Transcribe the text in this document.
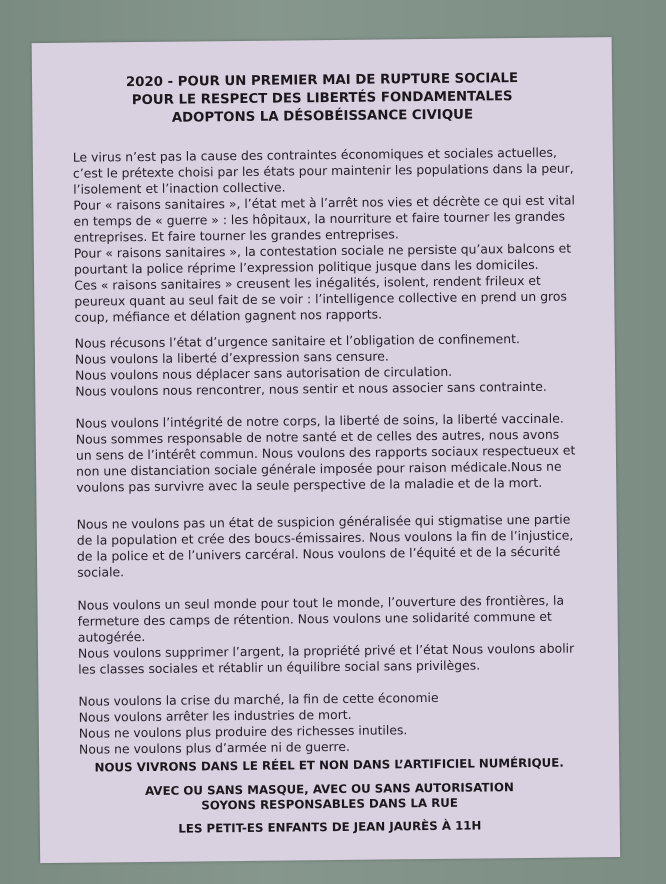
2020 - POUR UN PREMIER MAI DE RUPTURE SOCIALE
POUR LE RESPECT DES LIBERTÉS FONDAMENTALES
ADOPTONS LA DÉSOBÉISSANCE CIVIQUE
Le virus n’est pas la cause des contraintes économiques et sociales actuelles,
c’est le prétexte choisi par les états pour maintenir les populations dans la peur,
l’isolement et l’inaction collective.
Pour « raisons sanitaires », l’état met à l’arrêt nos vies et décrète ce qui est vital
en temps de « guerre » : les hôpitaux, la nourriture et faire tourner les grandes
entreprises. Et faire tourner les grandes entreprises.
Pour « raisons sanitaires », la contestation sociale ne persiste qu’aux balcons et
pourtant la police réprime l’expression politique jusque dans les domiciles.
Ces « raisons sanitaires » creusent les inégalités, isolent, rendent frileux et
peureux quant au seul fait de se voir : l’intelligence collective en prend un gros
coup, méfiance et délation gagnent nos rapports.
Nous récusons l’état d’urgence sanitaire et l’obligation de confinement.
Nous voulons la liberté d’expression sans censure.
Nous voulons nous déplacer sans autorisation de circulation.
Nous voulons nous rencontrer, nous sentir et nous associer sans contrainte.
Nous voulons l’intégrité de notre corps, la liberté de soins, la liberté vaccinale.
Nous sommes responsable de notre santé et de celles des autres, nous avons
un sens de l’intérêt commun. Nous voulons des rapports sociaux respectueux et
non une distanciation sociale générale imposée pour raison médicale.Nous ne
voulons pas survivre avec la seule perspective de la maladie et de la mort.
Nous ne voulons pas un état de suspicion généralisée qui stigmatise une partie
de la population et crée des boucs-émissaires. Nous voulons la fin de l’injustice,
de la police et de l’univers carcéral. Nous voulons de l’équité et de la sécurité
sociale.
Nous voulons un seul monde pour tout le monde, l’ouverture des frontières, la
fermeture des camps de rétention. Nous voulons une solidarité commune et
autogérée.
Nous voulons supprimer l’argent, la propriété privé et l’état Nous voulons abolir
les classes sociales et rétablir un équilibre social sans privilèges.
Nous voulons la crise du marché, la fin de cette économie
Nous voulons arrêter les industries de mort.
Nous ne voulons plus produire des richesses inutiles.
Nous ne voulons plus d’armée ni de guerre.
NOUS VIVRONS DANS LE RÉEL ET NON DANS L’ARTIFICIEL NUMÉRIQUE.
AVEC OU SANS MASQUE, AVEC OU SANS AUTORISATION
SOYONS RESPONSABLES DANS LA RUE
LES PETIT-ES ENFANTS DE JEAN JAURÈS À 11H
